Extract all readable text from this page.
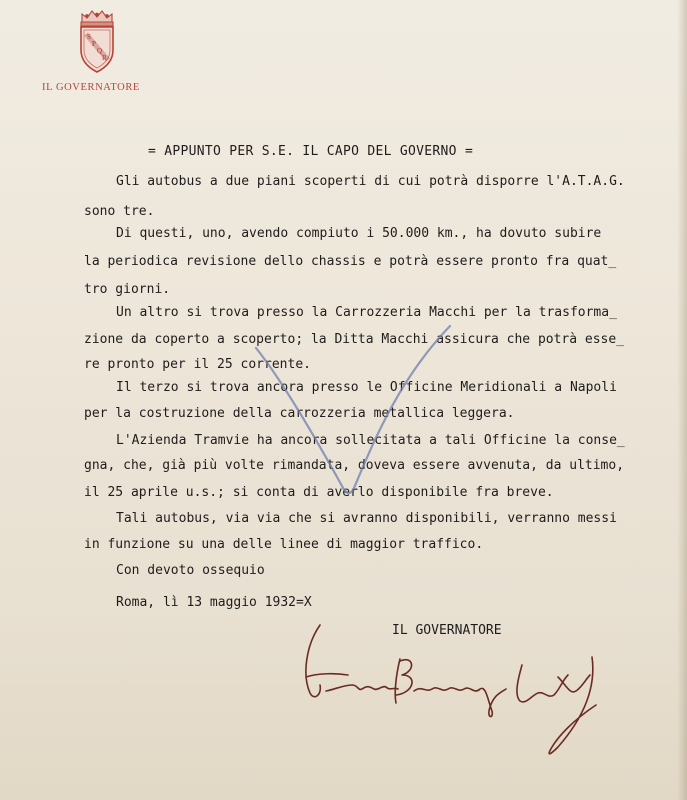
S
P
Q
R
IL GOVERNATORE
= APPUNTO PER S.E. IL CAPO DEL GOVERNO =
Gli autobus a due piani scoperti di cui potrà disporre l'A.T.A.G.
sono tre.
Di questi, uno, avendo compiuto i 50.000 km., ha dovuto subire
la periodica revisione dello chassis e potrà essere pronto fra quat_
tro giorni.
Un altro si trova presso la Carrozzeria Macchi per la trasforma_
zione da coperto a scoperto; la Ditta Macchi assicura che potrà esse_
re pronto per il 25 corrente.
Il terzo si trova ancora presso le Officine Meridionali a Napoli
per la costruzione della carrozzeria metallica leggera.
L'Azienda Tramvie ha ancora sollecitata a tali Officine la conse_
gna, che, già più volte rimandata, doveva essere avvenuta, da ultimo,
il 25 aprile u.s.; si conta di averlo disponibile fra breve.
Tali autobus, via via che si avranno disponibili, verranno messi
in funzione su una delle linee di maggior traffico.
Con devoto ossequio
Roma, lì 13 maggio 1932=X
IL GOVERNATORE
